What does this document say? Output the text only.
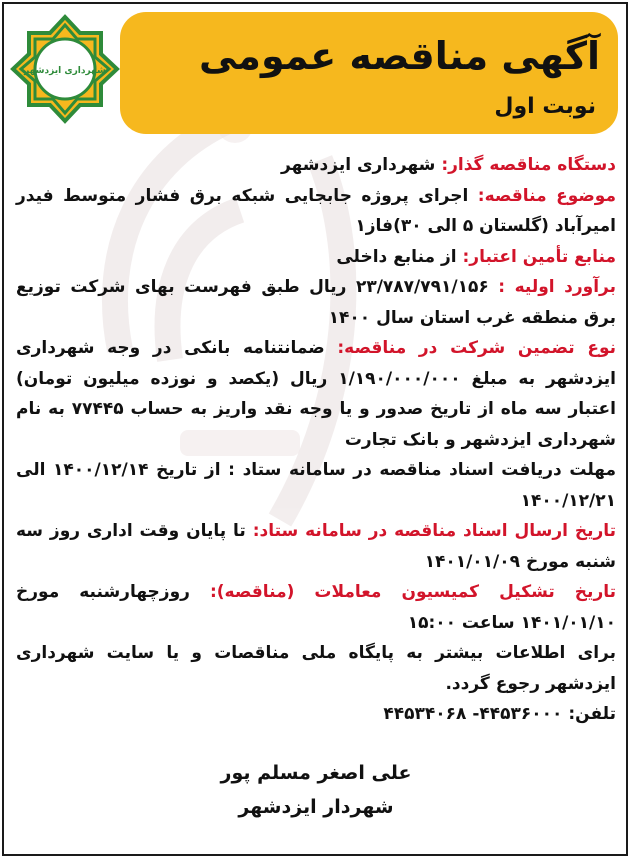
آگهی مناقصه عمومی
نوبت اول
شهرداری ایزدشهر

دستگاه مناقصه گذار: شهرداری ایزدشهر

موضوع مناقصه: اجرای پروژه جابجایی شبکه برق فشار متوسط فیدر امیرآباد (گلستان ۵ الی ۳۰)فاز۱

منابع تأمین اعتبار: از منابع داخلی

برآورد اولیه : ۲۳/۷۸۷/۷۹۱/۱۵۶ ریال طبق فهرست بهای شرکت توزیع برق منطقه غرب استان سال ۱۴۰۰

نوع تضمین شرکت در مناقصه: ضمانتنامه بانکی در وجه شهرداری ایزدشهر به مبلغ ۱/۱۹۰/۰۰۰/۰۰۰ ریال (یکصد و نوزده میلیون تومان) اعتبار سه ماه از تاریخ صدور و یا وجه نقد واریز به حساب ۷۷۴۴۵ به نام شهرداری ایزدشهر و بانک تجارت

مهلت دریافت اسناد مناقصه در سامانه ستاد : از تاریخ ۱۴۰۰/۱۲/۱۴ الی ۱۴۰۰/۱۲/۲۱

تاریخ ارسال اسناد مناقصه در سامانه ستاد: تا پایان وقت اداری روز سه شنبه مورخ ۱۴۰۱/۰۱/۰۹

تاریخ تشکیل کمیسیون معاملات (مناقصه): روزچهارشنبه مورخ ۱۴۰۱/۰۱/۱۰ ساعت ۱۵:۰۰

برای اطلاعات بیشتر به پایگاه ملی مناقصات و یا سایت شهرداری ایزدشهر رجوع گردد.

تلفن: ۴۴۵۳۶۰۰۰- ۴۴۵۳۴۰۶۸

علی اصغر مسلم پور
شهردار ایزدشهر
